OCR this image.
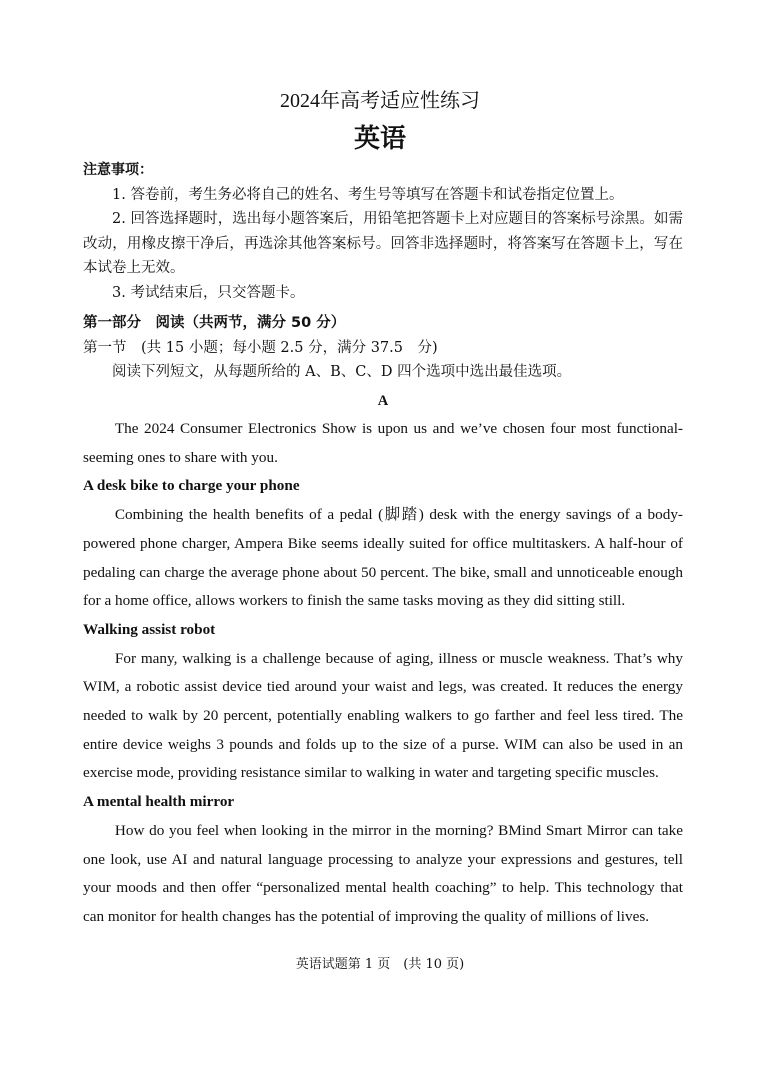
2024年高考适应性练习
英语

注意事项：

1. 答卷前，考生务必将自己的姓名、考生号等填写在答题卡和试卷指定位置上。

2. 回答选择题时，选出每小题答案后，用铅笔把答题卡上对应题目的答案标号涂黑。如需改动，用橡皮擦干净后，再选涂其他答案标号。回答非选择题时，将答案写在答题卡上，写在本试卷上无效。

3. 考试结束后，只交答题卡。

第一部分　阅读（共两节，满分 50 分）

第一节　(共 15 小题；每小题 2.5 分，满分 37.5　分)

阅读下列短文，从每题所给的 A、B、C、D 四个选项中选出最佳选项。

A

The 2024 Consumer Electronics Show is upon us and we’ve chosen four most functional-seeming ones to share with you.

A desk bike to charge your phone

Combining the health benefits of a pedal (脚踏) desk with the energy savings of a body-powered phone charger, Ampera Bike seems ideally suited for office multitaskers. A half-hour of pedaling can charge the average phone about 50 percent. The bike, small and unnoticeable enough for a home office, allows workers to finish the same tasks moving as they did sitting still.

Walking assist robot

For many, walking is a challenge because of aging, illness or muscle weakness. That’s why WIM, a robotic assist device tied around your waist and legs, was created. It reduces the energy needed to walk by 20 percent, potentially enabling walkers to go farther and feel less tired. The entire device weighs 3 pounds and folds up to the size of a purse. WIM can also be used in an exercise mode, providing resistance similar to walking in water and targeting specific muscles.

A mental health mirror

How do you feel when looking in the mirror in the morning? BMind Smart Mirror can take one look, use AI and natural language processing to analyze your expressions and gestures, tell your moods and then offer “personalized mental health coaching” to help. This technology that can monitor for health changes has the potential of improving the quality of millions of lives.

英语试题第 1 页　(共 10 页)
